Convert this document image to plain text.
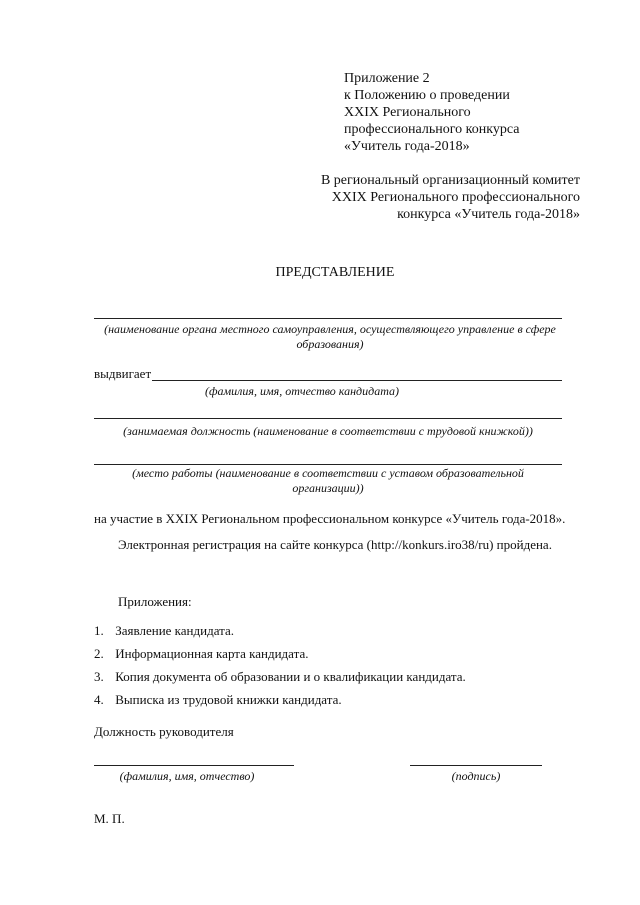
Приложение 2
к Положению о проведении
XXIX Регионального
профессионального конкурса
«Учитель года-2018»
В региональный организационный комитет
XXIX Регионального профессионального
конкурса «Учитель года-2018»
ПРЕДСТАВЛЕНИЕ
(наименование органа местного самоуправления, осуществляющего управление в сфере
образования)
выдвигает
(фамилия, имя, отчество кандидата)
(занимаемая должность (наименование в соответствии с трудовой книжкой))
(место работы (наименование в соответствии с уставом образовательной
организации))
на участие в XXIX Региональном профессиональном конкурсе «Учитель года-2018».
Электронная регистрация на сайте конкурса (http://konkurs.iro38/ru) пройдена.
Приложения:
1. Заявление кандидата.
2. Информационная карта кандидата.
3. Копия документа об образовании и о квалификации кандидата.
4. Выписка из трудовой книжки кандидата.
Должность руководителя
(фамилия, имя, отчество)	(подпись)
М. П.
